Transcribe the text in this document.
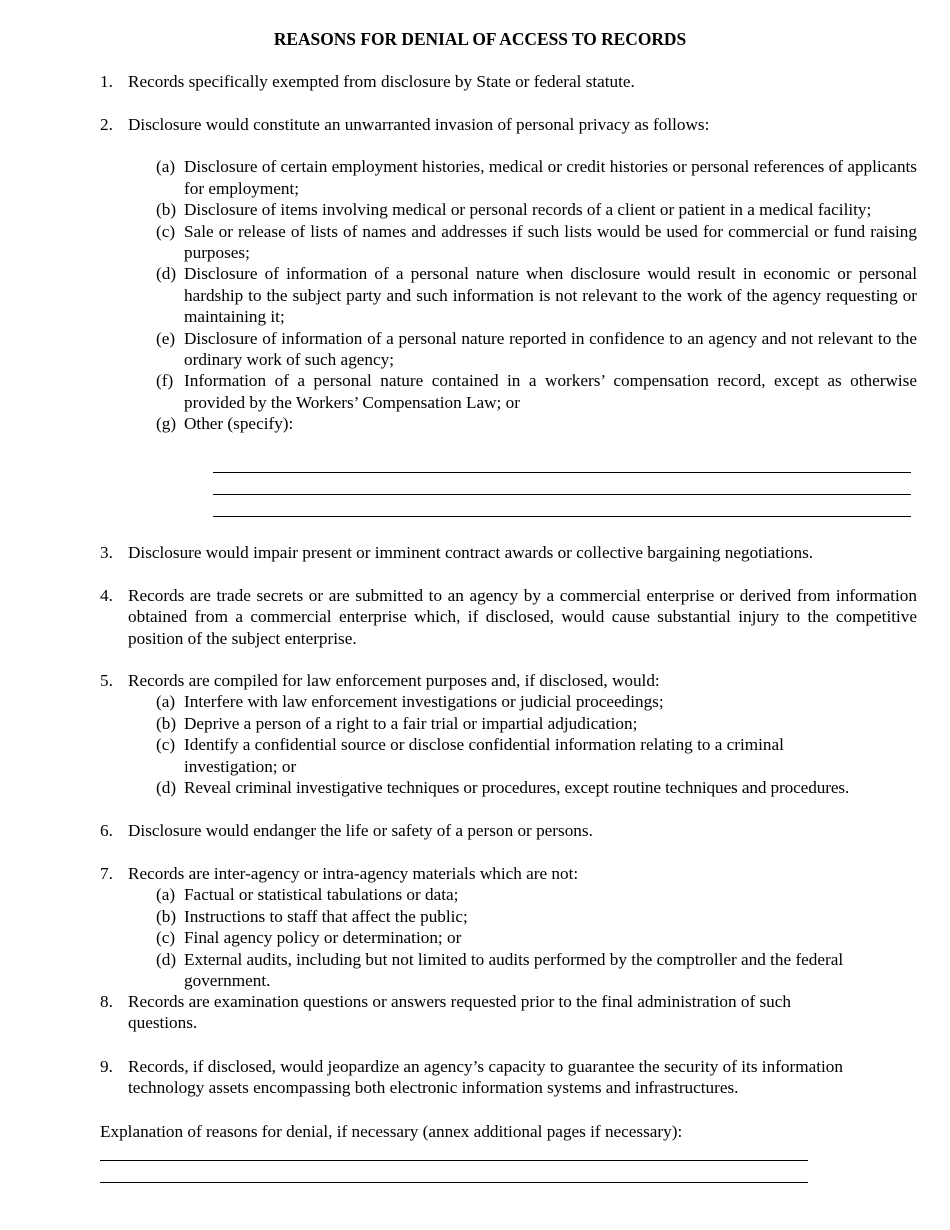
REASONS FOR DENIAL OF ACCESS TO RECORDS
1. Records specifically exempted from disclosure by State or federal statute.
2. Disclosure would constitute an unwarranted invasion of personal privacy as follows:
(a) Disclosure of certain employment histories, medical or credit histories or personal references of applicants for employment;
(b) Disclosure of items involving medical or personal records of a client or patient in a medical facility;
(c) Sale or release of lists of names and addresses if such lists would be used for commercial or fund raising purposes;
(d) Disclosure of information of a personal nature when disclosure would result in economic or personal hardship to the subject party and such information is not relevant to the work of the agency requesting or maintaining it;
(e) Disclosure of information of a personal nature reported in confidence to an agency and not relevant to the ordinary work of such agency;
(f) Information of a personal nature contained in a workers’ compensation record, except as otherwise provided by the Workers’ Compensation Law; or
(g) Other (specify):
3. Disclosure would impair present or imminent contract awards or collective bargaining negotiations.
4. Records are trade secrets or are submitted to an agency by a commercial enterprise or derived from information obtained from a commercial enterprise which, if disclosed, would cause substantial injury to the competitive position of the subject enterprise.
5. Records are compiled for law enforcement purposes and, if disclosed, would:
(a) Interfere with law enforcement investigations or judicial proceedings;
(b) Deprive a person of a right to a fair trial or impartial adjudication;
(c) Identify a confidential source or disclose confidential information relating to a criminal investigation; or
(d) Reveal criminal investigative techniques or procedures, except routine techniques and procedures.
6. Disclosure would endanger the life or safety of a person or persons.
7. Records are inter-agency or intra-agency materials which are not:
(a) Factual or statistical tabulations or data;
(b) Instructions to staff that affect the public;
(c) Final agency policy or determination; or
(d) External audits, including but not limited to audits performed by the comptroller and the federal government.
8. Records are examination questions or answers requested prior to the final administration of such questions.
9. Records, if disclosed, would jeopardize an agency’s capacity to guarantee the security of its information technology assets encompassing both electronic information systems and infrastructures.
Explanation of reasons for denial, if necessary (annex additional pages if necessary):
